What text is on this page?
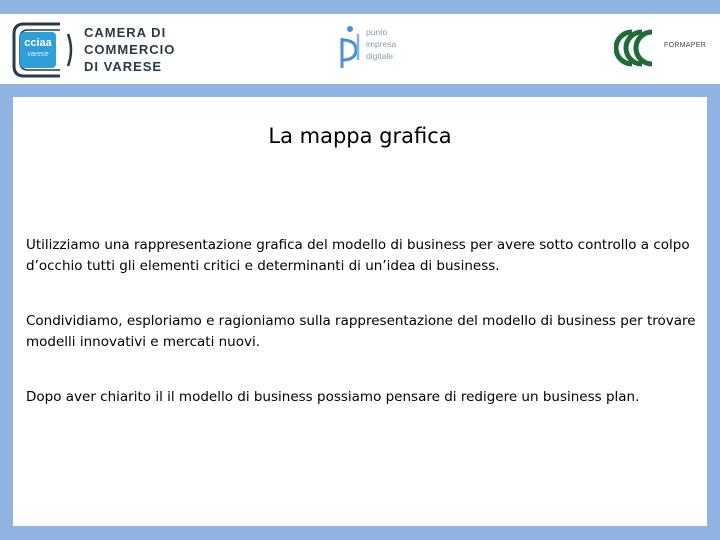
cciaa
varese
CAMERA DI
COMMERCIO
DI VARESE
punto
impresa
digitale
FORMAPER
La mappa grafica
Utilizziamo una rappresentazione grafica del modello di business per avere sotto controllo a colpo d’occhio tutti gli elementi critici e determinanti di un’idea di business.
Condividiamo, esploriamo e ragioniamo sulla rappresentazione del modello di business per trovare modelli innovativi e mercati nuovi.
Dopo aver chiarito il il modello di business possiamo pensare di redigere un business plan.
